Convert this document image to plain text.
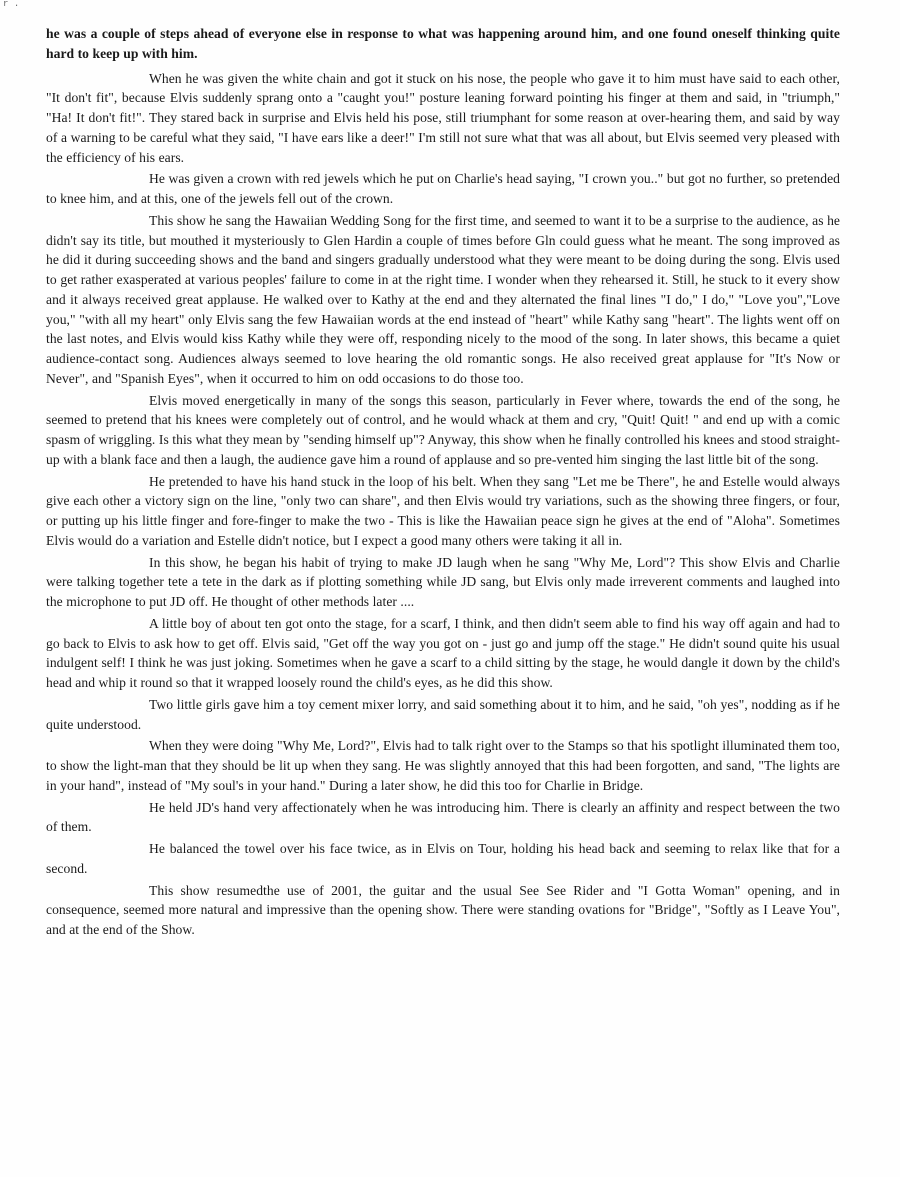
r .

he was a couple of steps ahead of everyone else in response to what was happening around him, and one found oneself thinking quite hard to keep up with him.

When he was given the white chain and got it stuck on his nose, the people who gave it to him must have said to each other, "It don't fit", because Elvis suddenly sprang onto a "caught you!" posture leaning forward pointing his finger at them and said, in "triumph," "Ha! It don't fit!". They stared back in surprise and Elvis held his pose, still triumphant for some reason at over-hearing them, and said by way of a warning to be careful what they said, "I have ears like a deer!" I'm still not sure what that was all about, but Elvis seemed very pleased with the efficiency of his ears.

He was given a crown with red jewels which he put on Charlie's head saying, "I crown you.." but got no further, so pretended to knee him, and at this, one of the jewels fell out of the crown.

This show he sang the Hawaiian Wedding Song for the first time, and seemed to want it to be a surprise to the audience, as he didn't say its title, but mouthed it mysteriously to Glen Hardin a couple of times before Gln could guess what he meant. The song improved as he did it during succeeding shows and the band and singers gradually understood what they were meant to be doing during the song. Elvis used to get rather exasperated at various peoples' failure to come in at the right time. I wonder when they rehearsed it. Still, he stuck to it every show and it always received great applause. He walked over to Kathy at the end and they alternated the final lines "I do," I do," "Love you","Love you," "with all my heart" only Elvis sang the few Hawaiian words at the end instead of "heart" while Kathy sang "heart". The lights went off on the last notes, and Elvis would kiss Kathy while they were off, responding nicely to the mood of the song. In later shows, this became a quiet audience-contact song. Audiences always seemed to love hearing the old romantic songs. He also received great applause for "It's Now or Never", and "Spanish Eyes", when it occurred to him on odd occasions to do those too.

Elvis moved energetically in many of the songs this season, particularly in Fever where, towards the end of the song, he seemed to pretend that his knees were completely out of control, and he would whack at them and cry, "Quit! Quit! " and end up with a comic spasm of wriggling. Is this what they mean by "sending himself up"? Anyway, this show when he finally controlled his knees and stood straight-up with a blank face and then a laugh, the audience gave him a round of applause and so pre-vented him singing the last little bit of the song.

He pretended to have his hand stuck in the loop of his belt. When they sang "Let me be There", he and Estelle would always give each other a victory sign on the line, "only two can share", and then Elvis would try variations, such as the showing three fingers, or four, or putting up his little finger and fore-finger to make the two - This is like the Hawaiian peace sign he gives at the end of "Aloha". Sometimes Elvis would do a variation and Estelle didn't notice, but I expect a good many others were taking it all in.

In this show, he began his habit of trying to make JD laugh when he sang "Why Me, Lord"? This show Elvis and Charlie were talking together tete a tete in the dark as if plotting something while JD sang, but Elvis only made irreverent comments and laughed into the microphone to put JD off. He thought of other methods later ....

A little boy of about ten got onto the stage, for a scarf, I think, and then didn't seem able to find his way off again and had to go back to Elvis to ask how to get off. Elvis said, "Get off the way you got on - just go and jump off the stage." He didn't sound quite his usual indulgent self! I think he was just joking. Sometimes when he gave a scarf to a child sitting by the stage, he would dangle it down by the child's head and whip it round so that it wrapped loosely round the child's eyes, as he did this show.

Two little girls gave him a toy cement mixer lorry, and said something about it to him, and he said, "oh yes", nodding as if he quite understood.

When they were doing "Why Me, Lord?", Elvis had to talk right over to the Stamps so that his spotlight illuminated them too, to show the light-man that they should be lit up when they sang. He was slightly annoyed that this had been forgotten, and sand, "The lights are in your hand", instead of "My soul's in your hand." During a later show, he did this too for Charlie in Bridge.

He held JD's hand very affectionately when he was introducing him. There is clearly an affinity and respect between the two of them.

He balanced the towel over his face twice, as in Elvis on Tour, holding his head back and seeming to relax like that for a second.

This show resumedthe use of 2001, the guitar and the usual See See Rider and "I Gotta Woman" opening, and in consequence, seemed more natural and impressive than the opening show. There were standing ovations for "Bridge", "Softly as I Leave You", and at the end of the Show.
